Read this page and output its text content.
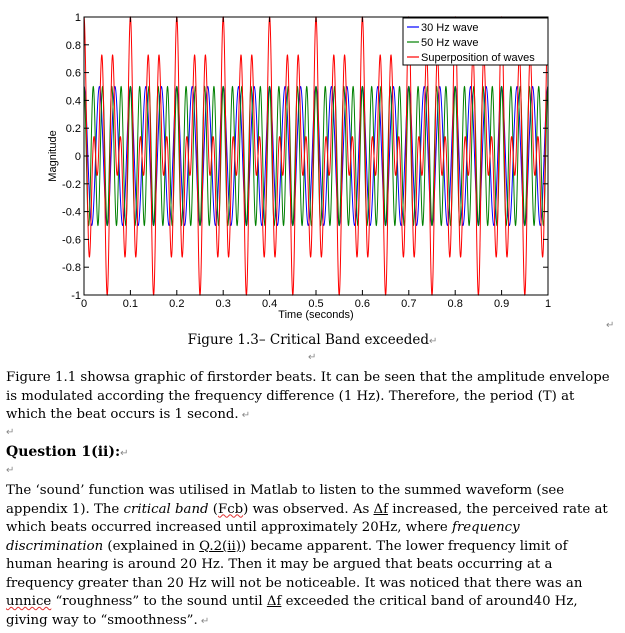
0	0.1	0.2	0.3	0.4	0.5	0.6	0.7	0.8	0.9	1
-1
-0.8
-0.6
-0.4
-0.2
0
0.2
0.4
0.6
0.8
1
Time (seconds)
Magnitude
30 Hz wave
50 Hz wave
Superposition of waves
↵
Figure 1.3– Critical Band exceeded↵
↵

Figure 1.1 showsa graphic of firstorder beats. It can be seen that the amplitude envelope is modulated according the frequency difference (1 Hz). Therefore, the period (T) at which the beat occurs is 1 second. ↵

↵
Question 1(ii):↵
↵

The ‘sound’ function was utilised in Matlab to listen to the summed waveform (see appendix 1). The critical band (Fcb) was observed. As Δf increased, the perceived rate at which beats occurred increased until approximately 20Hz, where frequency discrimination (explained in Q.2(ii)) became apparent. The lower frequency limit of human hearing is around 20 Hz. Then it may be argued that beats occurring at a frequency greater than 20 Hz will not be noticeable. It was noticed that there was an unnice “roughness” to the sound until Δf exceeded the critical band of around40 Hz, giving way to “smoothness”. ↵
